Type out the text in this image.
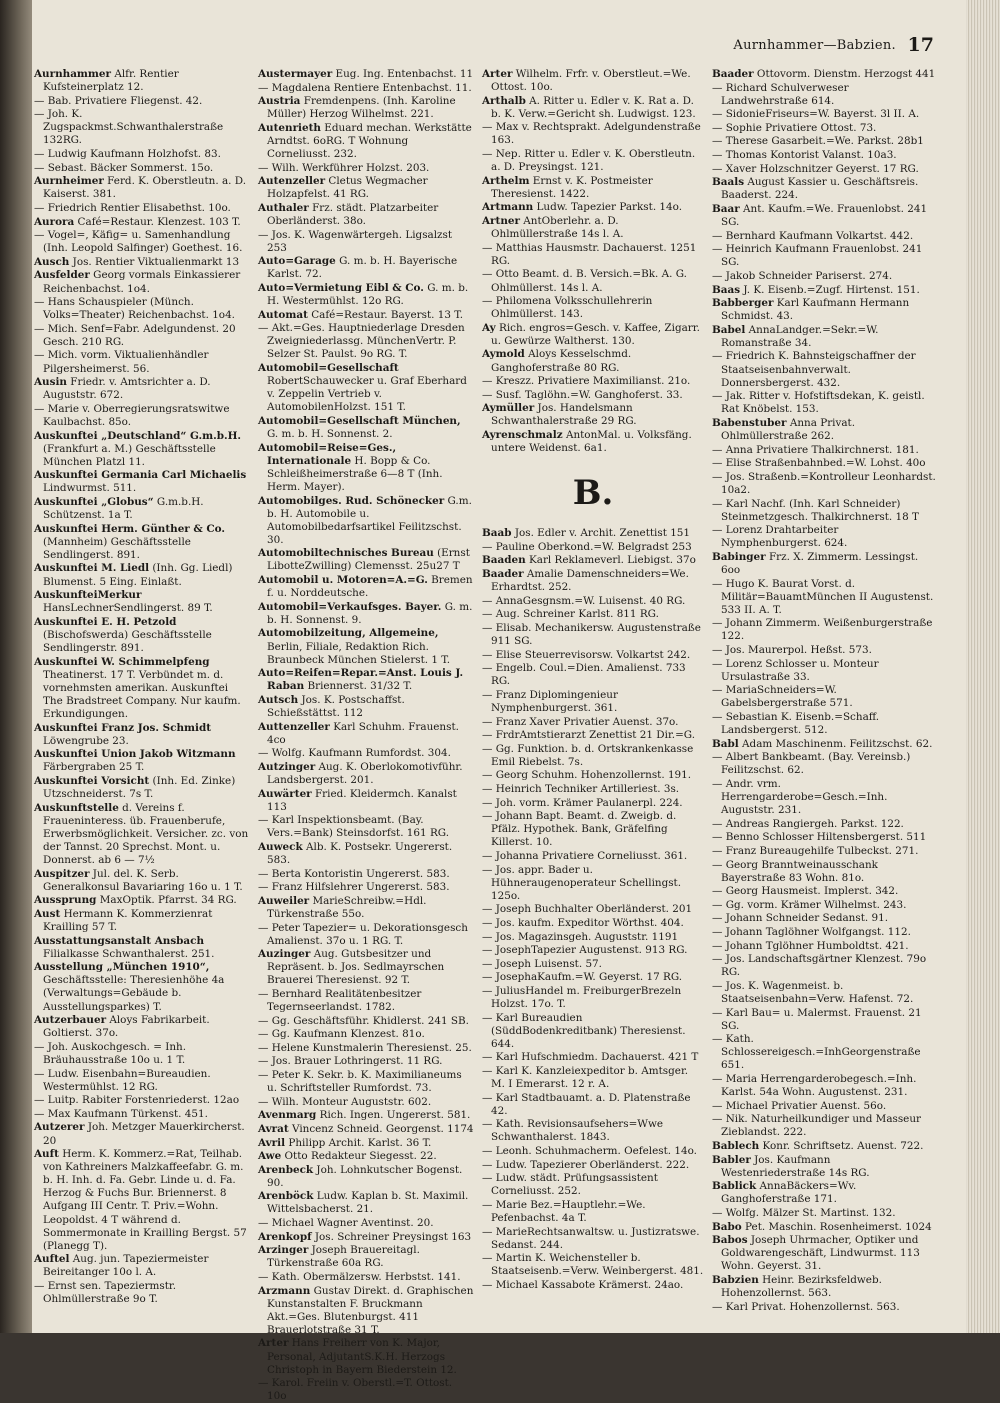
Aurnhammer—Babzien. 17
Aurnhammer Alfr. Rentier Kufsteinerplatz 12.
— Bab. Privatiere Fliegenst. 42.
— Joh. K. Zugspackmst.Schwanthalerstraße 132RG.
— Ludwig Kaufmann Holzhofst. 83.
— Sebast. Bäcker Sommerst. 15o.
Aurnheimer Ferd. K. Oberstleutn. a. D. Kaiserst. 381.
— Friedrich Rentier Elisabethst. 10o.
Aurora Café=Restaur. Klenzest. 103 T.
— Vogel=, Käfig= u. Samenhandlung (Inh. Leopold Salfinger) Goethest. 16.
Ausch Jos. Rentier Viktualienmarkt 13
Ausfelder Georg vormals Einkassierer Reichenbachst. 1o4.
— Hans Schauspieler (Münch. Volks=Theater) Reichenbachst. 1o4.
— Mich. Senf=Fabr. Adelgundenst. 20 Gesch. 210 RG.
— Mich. vorm. Viktualienhändler Pilgersheimerst. 56.
Ausin Friedr. v. Amtsrichter a. D. Auguststr. 672.
— Marie v. Oberregierungsratswitwe Kaulbachst. 85o.
Auskunftei „Deutschland“ G.m.b.H. (Frankfurt a. M.) Geschäftsstelle München Platzl 11.
Auskunftei Germania Carl Michaelis Lindwurmst. 511.
Auskunftei „Globus“ G.m.b.H. Schützenst. 1a T.
Auskunftei Herm. Günther & Co. (Mannheim) Geschäftsstelle Sendlingerst. 891.
Auskunftei M. Liedl (Inh. Gg. Liedl) Blumenst. 5 Eing. Einlaßt.
AuskunfteiMerkur HansLechnerSendlingerst. 89 T.
Auskunftei E. H. Petzold (Bischofswerda) Geschäftsstelle Sendlingerstr. 891.
Auskunftei W. Schimmelpfeng Theatinerst. 17 T. Verbündet m. d. vornehmsten amerikan. Auskunftei The Bradstreet Company. Nur kaufm. Erkundigungen.
Auskunftei Franz Jos. Schmidt Löwengrube 23.
Auskunftei Union Jakob Witzmann Färbergraben 25 T.
Auskunftei Vorsicht (Inh. Ed. Zinke) Utzschneiderst. 7s T.
Auskunftstelle d. Vereins f. Fraueninteress. üb. Frauenberufe, Erwerbsmöglichkeit. Versicher. zc. von der Tannst. 20 Sprechst. Mont. u. Donnerst. ab 6 — 7½
Auspitzer Jul. del. K. Serb. Generalkonsul Bavariaring 16o u. 1 T.
Aussprung MaxOptik. Pfarrst. 34 RG.
Aust Hermann K. Kommerzienrat Krailling 57 T.
Ausstattungsanstalt Ansbach Filialkasse Schwanthalerst. 251.
Ausstellung „München 1910“, Geschäftsstelle: Theresienhöhe 4a (Verwaltungs=Gebäude b. Ausstellungsparkes) T.
Autzerbauer Aloys Fabrikarbeit. Goltierst. 37o.
— Joh. Auskochgesch. = Inh. Bräuhausstraße 10o u. 1 T.
— Ludw. Eisenbahn=Bureaudien. Westermühlst. 12 RG.
— Luitp. Rabiter Forstenriederst. 12ao
— Max Kaufmann Türkenst. 451.
Autzerer Joh. Metzger Mauerkircherst. 20
Auft Herm. K. Kommerz.=Rat, Teilhab. von Kathreiners Malzkaffeefabr. G. m. b. H. Inh. d. Fa. Gebr. Linde u. d. Fa. Herzog & Fuchs Bur. Briennerst. 8 Aufgang III Centr. T. Priv.=Wohn. Leopoldst. 4 T während d. Sommermonate in Krailling Bergst. 57 (Planegg T).
Auftel Aug. jun. Tapeziermeister Beireitanger 10o l. A.
— Ernst sen. Tapeziermstr. Ohlmüllerstraße 9o T.
Austermayer Eug. Ing. Entenbachst. 11
— Magdalena Rentiere Entenbachst. 11.
Austria Fremdenpens. (Inh. Karoline Müller) Herzog Wilhelmst. 221.
Autenrieth Eduard mechan. Werkstätte Arndtst. 6oRG. T Wohnung Corneliusst. 232.
— Wilh. Werkführer Holzst. 203.
Autenzeller Cletus Wegmacher Holzapfelst. 41 RG.
Authaler Frz. städt. Platzarbeiter Oberländerst. 38o.
— Jos. K. Wagenwärtergeh. Ligsalzst 253
Auto=Garage G. m. b. H. Bayerische Karlst. 72.
Auto=Vermietung Eibl & Co. G. m. b. H. Westermühlst. 12o RG.
Automat Café=Restaur. Bayerst. 13 T.
— Akt.=Ges. Hauptniederlage Dresden Zweigniederlassg. MünchenVertr. P. Selzer St. Paulst. 9o RG. T.
Automobil=Gesellschaft RobertSchauwecker u. Graf Eberhard v. Zeppelin Vertrieb v. AutomobilenHolzst. 151 T.
Automobil=Gesellschaft München, G. m. b. H. Sonnenst. 2.
Automobil=Reise=Ges., Internationale H. Bopp & Co. Schleißheimerstraße 6—8 T (Inh. Herm. Mayer).
Automobilges. Rud. Schönecker G.m. b. H. Automobile u. Automobilbedarfsartikel Feilitzschst. 30.
Automobiltechnisches Bureau (Ernst LibotteZwilling) Clemensst. 25u27 T
Automobil u. Motoren=A.=G. Bremen f. u. Norddeutsche.
Automobil=Verkaufsges. Bayer. G. m. b. H. Sonnenst. 9.
Automobilzeitung, Allgemeine, Berlin, Filiale, Redaktion Rich. Braunbeck München Stielerst. 1 T.
Auto=Reifen=Repar.=Anst. Louis J. Raban Briennerst. 31/32 T.
Autsch Jos. K. Postschaffst. Schießstättst. 112
Auttenzeller Karl Schuhm. Frauenst. 4co
— Wolfg. Kaufmann Rumfordst. 304.
Autzinger Aug. K. Oberlokomotivführ. Landsbergerst. 201.
Auwärter Fried. Kleidermch. Kanalst 113
— Karl Inspektionsbeamt. (Bay. Vers.=Bank) Steinsdorfst. 161 RG.
Auweck Alb. K. Postsekr. Ungererst. 583.
— Berta Kontoristin Ungererst. 583.
— Franz Hilfslehrer Ungererst. 583.
Auweiler MarieSchreibw.=Hdl. Türkenstraße 55o.
— Peter Tapezier= u. Dekorationsgesch Amalienst. 37o u. 1 RG. T.
Auzinger Aug. Gutsbesitzer und Repräsent. b. Jos. Sedlmayrschen Brauerei Theresienst. 92 T.
— Bernhard Realitätenbesitzer Tegernseerlandst. 1782.
— Gg. Geschäftsführ. Khidlerst. 241 SB.
— Gg. Kaufmann Klenzest. 81o.
— Helene Kunstmalerin Theresienst. 25.
— Jos. Brauer Lothringerst. 11 RG.
— Peter K. Sekr. b. K. Maximilianeums u. Schriftsteller Rumfordst. 73.
— Wilh. Monteur Auguststr. 602.
Avenmarg Rich. Ingen. Ungererst. 581.
Avrat Vincenz Schneid. Georgenst. 1174
Avril Philipp Archit. Karlst. 36 T.
Awe Otto Redakteur Siegesst. 22.
Arenbeck Joh. Lohnkutscher Bogenst. 90.
Arenböck Ludw. Kaplan b. St. Maximil. Wittelsbacherst. 21.
— Michael Wagner Aventinst. 20.
Arenkopf Jos. Schreiner Preysingst 163
Arzinger Joseph Brauereitagl. Türkenstraße 60a RG.
— Kath. Obermälzersw. Herbstst. 141.
Arzmann Gustav Direkt. d. Graphischen Kunstanstalten F. Bruckmann Akt.=Ges. Blutenburgst. 411 Brauerlotstraße 31 T.
Arter Hans Freiherr von K. Major, Personal, AdjutantS.K.H. Herzogs Christoph in Bayern Biederstein 12.
— Karol. Freiin v. Oberstl.=T. Ottost. 10o
Arter Wilhelm. Frfr. v. Oberstleut.=We. Ottost. 10o.
Arthalb A. Ritter u. Edler v. K. Rat a. D. b. K. Verw.=Gericht sh. Ludwigst. 123.
— Max v. Rechtsprakt. Adelgundenstraße 163.
— Nep. Ritter u. Edler v. K. Oberstleutn. a. D. Preysingst. 121.
Arthelm Ernst v. K. Postmeister Theresienst. 1422.
Artmann Ludw. Tapezier Parkst. 14o.
Artner AntOberlehr. a. D. Ohlmüllerstraße 14s l. A.
— Matthias Hausmstr. Dachauerst. 1251 RG.
— Otto Beamt. d. B. Versich.=Bk. A. G. Ohlmüllerst. 14s l. A.
— Philomena Volksschullehrerin Ohlmüllerst. 143.
Ay Rich. engros=Gesch. v. Kaffee, Zigarr. u. Gewürze Waltherst. 130.
Aymold Aloys Kesselschmd. Ganghoferstraße 80 RG.
— Kreszz. Privatiere Maximilianst. 21o.
— Susf. Taglöhn.=W. Ganghoferst. 33.
Aymüller Jos. Handelsmann Schwanthalerstraße 29 RG.
Ayrenschmalz AntonMal. u. Volksfäng. untere Weidenst. 6a1.
B.
Baab Jos. Edler v. Archit. Zenettist 151
— Pauline Oberkond.=W. Belgradst 253
Baaden Karl Reklameverl. Liebigst. 37o
Baader Amalie Damenschneiders=We. Erhardtst. 252.
— AnnaGesgnsm.=W. Luisenst. 40 RG.
— Aug. Schreiner Karlst. 811 RG.
— Elisab. Mechanikersw. Augustenstraße 911 SG.
— Elise Steuerrevisorsw. Volkartst 242.
— Engelb. Coul.=Dien. Amalienst. 733 RG.
— Franz Diplomingenieur Nymphenburgerst. 361.
— Franz Xaver Privatier Auenst. 37o.
— FrdrAmtstierarzt Zenettist 21 Dir.=G.
— Gg. Funktion. b. d. Ortskrankenkasse Emil Riebelst. 7s.
— Georg Schuhm. Hohenzollernst. 191.
— Heinrich Techniker Artilleriest. 3s.
— Joh. vorm. Krämer Paulanerpl. 224.
— Johann Bapt. Beamt. d. Zweigb. d. Pfälz. Hypothek. Bank, Gräfelfing Killerst. 10.
— Johanna Privatiere Corneliusst. 361.
— Jos. appr. Bader u. Hühneraugenoperateur Schellingst. 125o.
— Joseph Buchhalter Oberländerst. 201
— Jos. kaufm. Expeditor Wörthst. 404.
— Jos. Magazinsgeh. Auguststr. 1191
— JosephTapezier Augustenst. 913 RG.
— Joseph Luisenst. 57.
— JosephaKaufm.=W. Geyerst. 17 RG.
— JuliusHandel m. FreiburgerBrezeln Holzst. 17o. T.
— Karl Bureaudien (SüddBodenkreditbank) Theresienst. 644.
— Karl Hufschmiedm. Dachauerst. 421 T
— Karl K. Kanzleiexpeditor b. Amtsger. M. I Emerarst. 12 r. A.
— Karl Stadtbauamt. a. D. Platenstraße 42.
— Kath. Revisionsaufsehers=Wwe Schwanthalerst. 1843.
— Leonh. Schuhmacherm. Oefelest. 14o.
— Ludw. Tapezierer Oberländerst. 222.
— Ludw. städt. Prüfungsassistent Corneliusst. 252.
— Marie Bez.=Hauptlehr.=We. Pefenbachst. 4a T.
— MarieRechtsanwaltsw. u. Justizratswe. Sedanst. 244.
— Martin K. Weichensteller b. Staatseisenb.=Verw. Weinbergerst. 481.
— Michael Kassabote Krämerst. 24ao.
Baader Ottovorm. Dienstm. Herzogst 441
— Richard Schulverweser Landwehrstraße 614.
— SidonieFriseurs=W. Bayerst. 3l II. A.
— Sophie Privatiere Ottost. 73.
— Therese Gasarbeit.=We. Parkst. 28b1
— Thomas Kontorist Valanst. 10a3.
— Xaver Holzschnitzer Geyerst. 17 RG.
Baals August Kassier u. Geschäftsreis. Baaderst. 224.
Baar Ant. Kaufm.=We. Frauenlobst. 241 SG.
— Bernhard Kaufmann Volkartst. 442.
— Heinrich Kaufmann Frauenlobst. 241 SG.
— Jakob Schneider Pariserst. 274.
Baas J. K. Eisenb.=Zugf. Hirtenst. 151.
Babberger Karl Kaufmann Hermann Schmidst. 43.
Babel AnnaLandger.=Sekr.=W. Romanstraße 34.
— Friedrich K. Bahnsteigschaffner der Staatseisenbahnverwalt. Donnersbergerst. 432.
— Jak. Ritter v. Hofstiftsdekan, K. geistl. Rat Knöbelst. 153.
Babenstuber Anna Privat. Ohlmüllerstraße 262.
— Anna Privatiere Thalkirchnerst. 181.
— Elise Straßenbahnbed.=W. Lohst. 40o
— Jos. Straßenb.=Kontrolleur Leonhardst. 10a2.
— Karl Nachf. (Inh. Karl Schneider) Steinmetzgesch. Thalkirchnerst. 18 T
— Lorenz Drahtarbeiter Nymphenburgerst. 624.
Babinger Frz. X. Zimmerm. Lessingst. 6oo
— Hugo K. Baurat Vorst. d. Militär=BauamtMünchen II Augustenst. 533 II. A. T.
— Johann Zimmerm. Weißenburgerstraße 122.
— Jos. Maurerpol. Heßst. 573.
— Lorenz Schlosser u. Monteur Ursulastraße 33.
— MariaSchneiders=W. Gabelsbergerstraße 571.
— Sebastian K. Eisenb.=Schaff. Landsbergerst. 512.
Babl Adam Maschinenm. Feilitzschst. 62.
— Albert Bankbeamt. (Bay. Vereinsb.) Feilitzschst. 62.
— Andr. vrm. Herrengarderobe=Gesch.=Inh. Auguststr. 231.
— Andreas Rangiergeh. Parkst. 122.
— Benno Schlosser Hiltensbergerst. 511
— Franz Bureaugehilfe Tulbeckst. 271.
— Georg Branntweinausschank Bayerstraße 83 Wohn. 81o.
— Georg Hausmeist. Implerst. 342.
— Gg. vorm. Krämer Wilhelmst. 243.
— Johann Schneider Sedanst. 91.
— Johann Taglöhner Wolfgangst. 112.
— Johann Tglöhner Humboldtst. 421.
— Jos. Landschaftsgärtner Klenzest. 79o RG.
— Jos. K. Wagenmeist. b. Staatseisenbahn=Verw. Hafenst. 72.
— Karl Bau= u. Malermst. Frauenst. 21 SG.
— Kath. Schlossereigesch.=InhGeorgenstraße 651.
— Maria Herrengarderobegesch.=Inh. Karlst. 54a Wohn. Augustenst. 231.
— Michael Privatier Auenst. 56o.
— Nik. Naturheilkundiger und Masseur Zieblandst. 222.
Bablech Konr. Schriftsetz. Auenst. 722.
Babler Jos. Kaufmann Westenriederstraße 14s RG.
Bablick AnnaBäckers=Wv. Ganghoferstraße 171.
— Wolfg. Mälzer St. Martinst. 132.
Babo Pet. Maschin. Rosenheimerst. 1024
Babos Joseph Uhrmacher, Optiker und Goldwarengeschäft, Lindwurmst. 113 Wohn. Geyerst. 31.
Babzien Heinr. Bezirksfeldweb. Hohenzollernst. 563.
— Karl Privat. Hohenzollernst. 563.
